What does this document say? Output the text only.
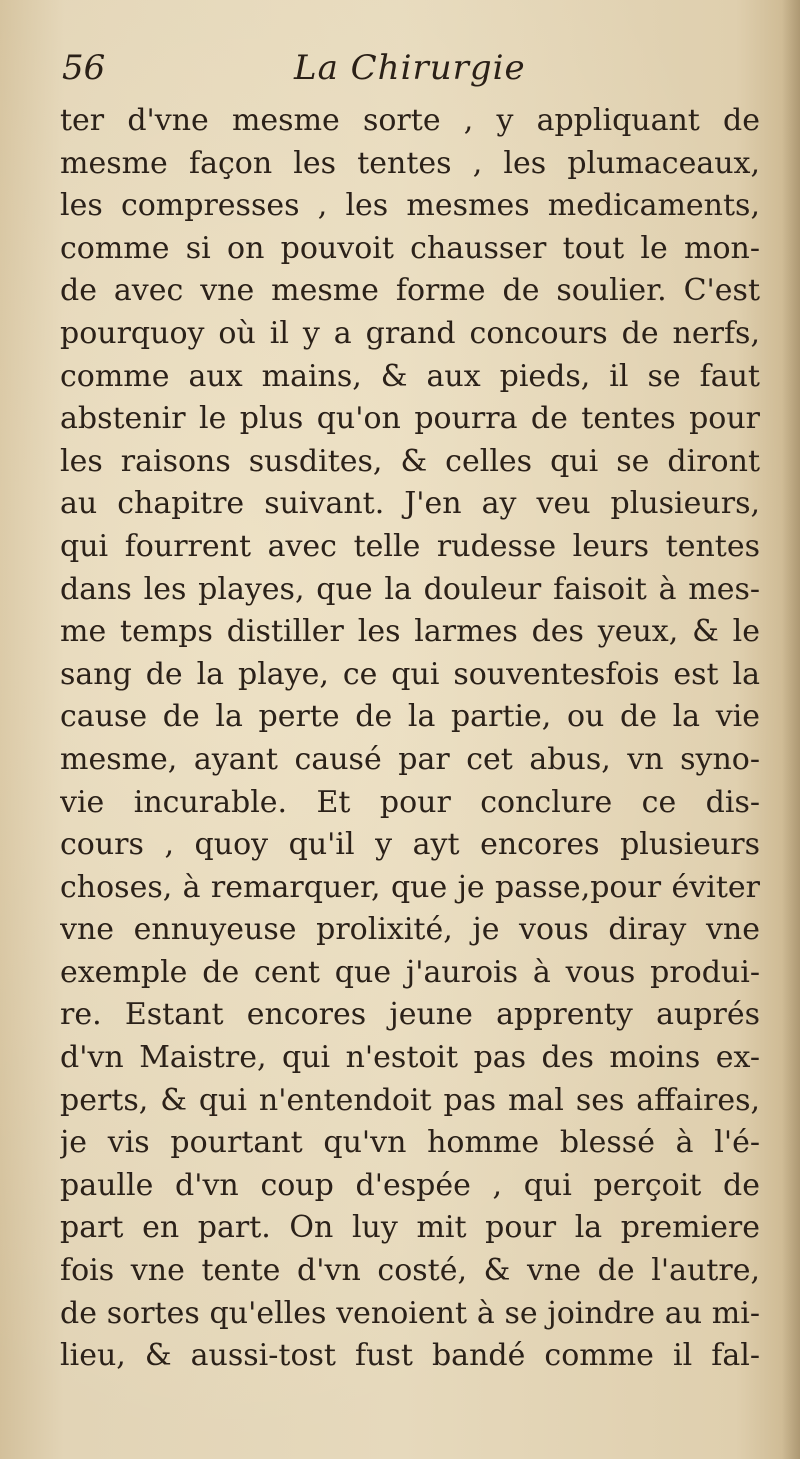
56	La Chirurgie
ter d'vne mesme sorte , y appliquant de
mesme façon les tentes , les plumaceaux,
les compresses , les mesmes medicaments,
comme si on pouvoit chausser tout le mon-
de avec vne mesme forme de soulier. C'est
pourquoy où il y a grand concours de nerfs,
comme aux mains, & aux pieds, il se faut
abstenir le plus qu'on pourra de tentes pour
les raisons susdites, & celles qui se diront
au chapitre suivant. J'en ay veu plusieurs,
qui fourrent avec telle rudesse leurs tentes
dans les playes, que la douleur faisoit à mes-
me temps distiller les larmes des yeux, & le
sang de la playe, ce qui souventesfois est la
cause de la perte de la partie, ou de la vie
mesme, ayant causé par cet abus, vn syno-
vie incurable. Et pour conclure ce dis-
cours , quoy qu'il y ayt encores plusieurs
choses, à remarquer, que je passe,pour éviter
vne ennuyeuse prolixité, je vous diray vne
exemple de cent que j'aurois à vous produi-
re. Estant encores jeune apprenty auprés
d'vn Maistre, qui n'estoit pas des moins ex-
perts, & qui n'entendoit pas mal ses affaires,
je vis pourtant qu'vn homme blessé à l'é-
paulle d'vn coup d'espée , qui perçoit de
part en part. On luy mit pour la premiere
fois vne tente d'vn costé, & vne de l'autre,
de sortes qu'elles venoient à se joindre au mi-
lieu, & aussi-tost fust bandé comme il fal-
